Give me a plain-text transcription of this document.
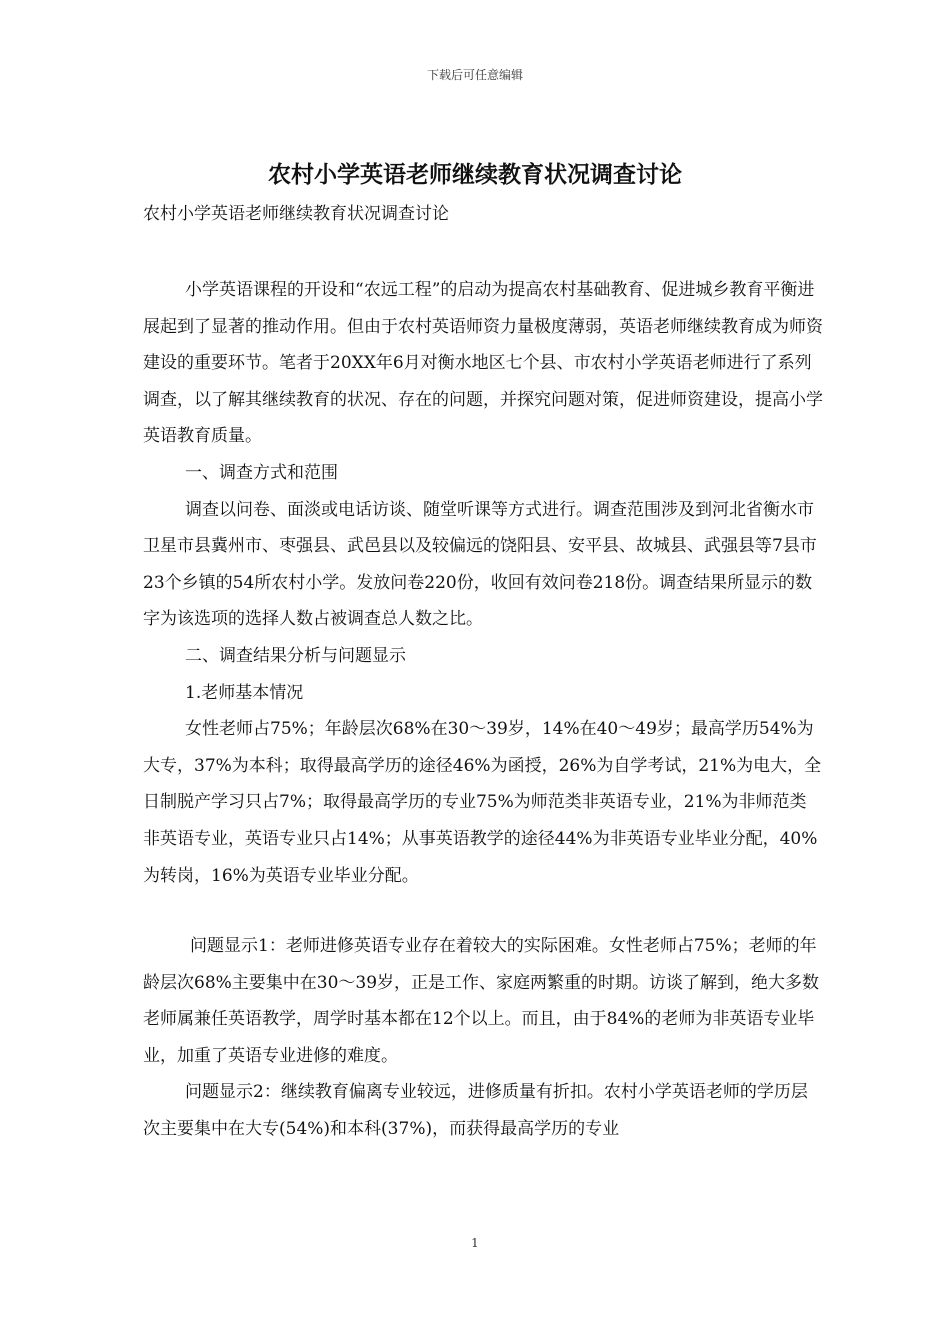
下载后可任意编辑
农村小学英语老师继续教育状况调查讨论

农村小学英语老师继续教育状况调查讨论

小学英语课程的开设和“农远工程”的启动为提高农村基础教育、促进城乡教育平衡进展起到了显著的推动作用。但由于农村英语师资力量极度薄弱，英语老师继续教育成为师资建设的重要环节。笔者于20XX年6月对衡水地区七个县、市农村小学英语老师进行了系列调查，以了解其继续教育的状况、存在的问题，并探究问题对策，促进师资建设，提高小学英语教育质量。

一、调查方式和范围

调查以问卷、面淡或电话访谈、随堂听课等方式进行。调查范围涉及到河北省衡水市卫星市县冀州市、枣强县、武邑县以及较偏远的饶阳县、安平县、故城县、武强县等7县市23个乡镇的54所农村小学。发放问卷220份，收回有效问卷218份。调查结果所显示的数字为该选项的选择人数占被调查总人数之比。

二、调查结果分析与问题显示

1.老师基本情况

女性老师占75%；年龄层次68%在30～39岁，14%在40～49岁；最高学历54%为大专，37%为本科；取得最高学历的途径46%为函授，26%为自学考试，21%为电大，全日制脱产学习只占7%；取得最高学历的专业75%为师范类非英语专业，21%为非师范类非英语专业，英语专业只占14%；从事英语教学的途径44%为非英语专业毕业分配，40%为转岗，16%为英语专业毕业分配。

问题显示1：老师进修英语专业存在着较大的实际困难。女性老师占75%；老师的年龄层次68%主要集中在30～39岁，正是工作、家庭两繁重的时期。访谈了解到，绝大多数老师属兼任英语教学，周学时基本都在12个以上。而且，由于84%的老师为非英语专业毕业，加重了英语专业进修的难度。

问题显示2：继续教育偏离专业较远，进修质量有折扣。农村小学英语老师的学历层次主要集中在大专(54%)和本科(37%)，而获得最高学历的专业

1
